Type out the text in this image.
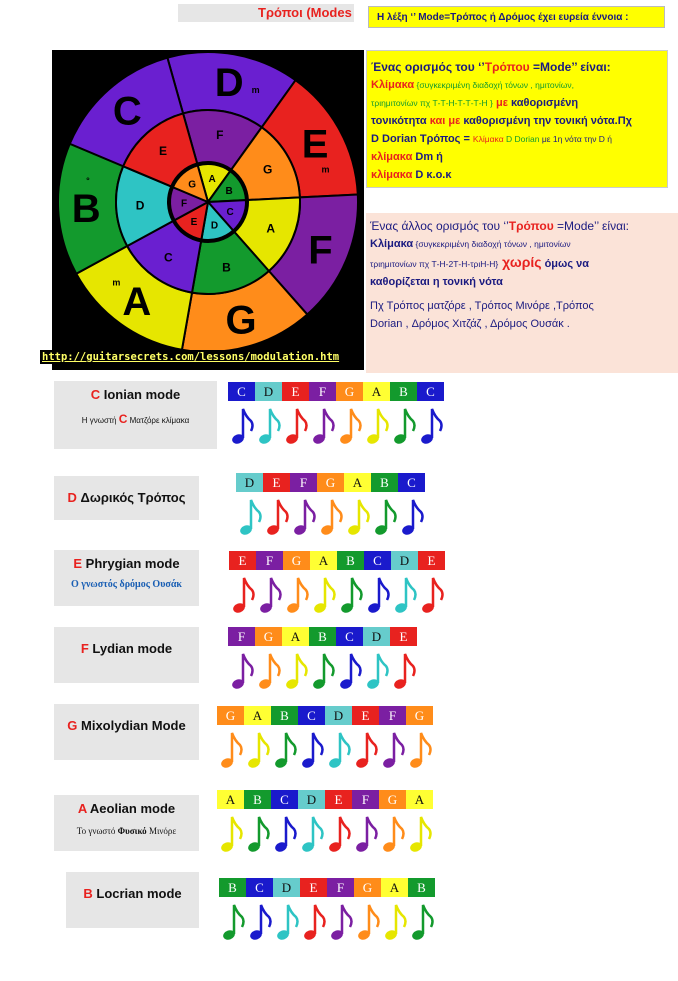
Τρόποι (Modes	Η λέξη ‘’ Mode=Τρόπος ή Δρόμος έχει ευρεία έννοια :
D m
E
m
F
G
A
m
B
°
C
F
G
A
B
C
D
E
A
B
C
D
E
F
G
http://guitarsecrets.com/lessons/modulation.htm
Ένας ορισμός του ‘’Τρόπου =Mode’’ είναι:
Κλίμακα {συγκεκριμένη διαδοχή τόνων , ημιτονίων,
τριημιτονίων πχ Τ-Τ-Η-Τ-Τ-Τ-Η } με καθορισμένη
τονικότητα και με καθορισμένη την τονική νότα.Πχ
D Dorian Τρόπος = Κλίμακα D Dorian με 1η νότα την D ή
κλίμακα Dm ή
κλίμακα D κ.ο.κ
Ένας άλλος ορισμός του ‘’Τρόπου =Mode’’ είναι:
Κλίμακα {συγκεκριμένη διαδοχή τόνων , ημιτονίων
τριημιτονίων πχ Τ-Η-2Τ-Η-τριΗ-Η} χωρίς όμως να
καθορίζεται η τονική νότα
Πχ Τρόπος ματζόρε , Τρόπος Μινόρε ,Τρόπος
Dorian , Δρόμος Χιτζάζ , Δρόμος Ουσάκ .
C Ionian mode
Η γνωστή C Ματζόρε κλίμακα
C	D	E	F	G	A	B	C
D Δωρικός Τρόπος
D	E	F	G	A	B	C
E Phrygian mode
Ο γνωστός δρόμος Ουσάκ
E	F	G	A	B	C	D	E
F Lydian mode
F	G	A	B	C	D	E
G Mixolydian Mode
G	A	B	C	D	E	F	G
A Aeolian mode
Το γνωστό Φυσικό Μινόρε
A	B	C	D	E	F	G	A
B Locrian mode	B	C	D	E	F	G	A	B
